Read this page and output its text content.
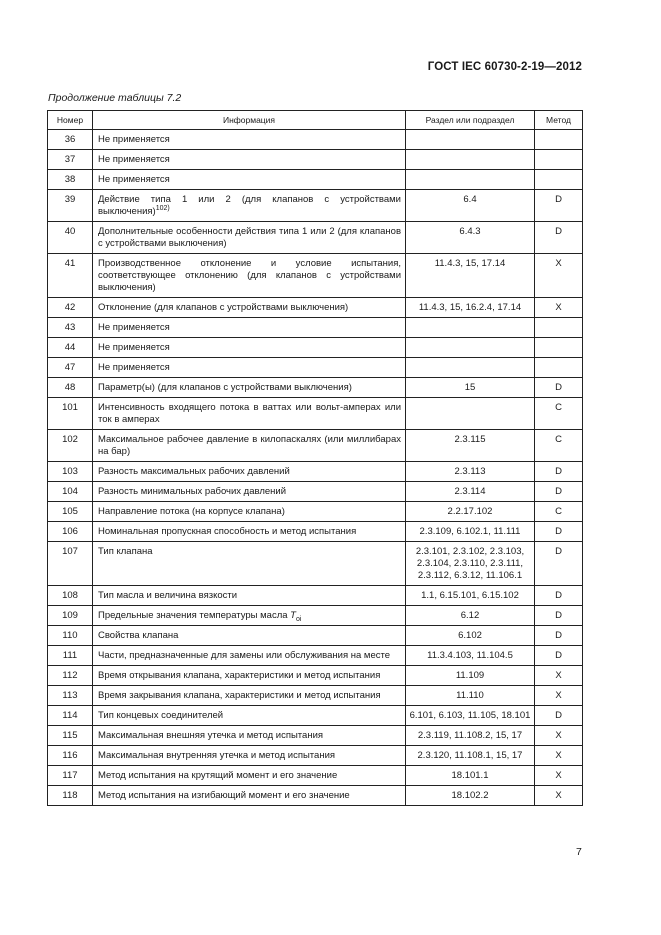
ГОСТ IEC 60730-2-19—2012
Продолжение таблицы 7.2
Номер	Информация	Раздел или подраздел	Метод
36	Не применяется		
37	Не применяется		
38	Не применяется		
39	Действие типа 1 или 2 (для клапанов с устройствами выключения)$^{102)}$	6.4	D
40	Дополнительные особенности действия типа 1 или 2 (для клапанов с устройствами выключения)	6.4.3	D
41	Производственное отклонение и условие испытания, соответствующее отклонению (для клапанов с устройствами выключения)	11.4.3, 15, 17.14	X
42	Отклонение (для клапанов с устройствами выключения)	11.4.3, 15, 16.2.4, 17.14	X
43	Не применяется		
44	Не применяется		
47	Не применяется		
48	Параметр(ы) (для клапанов с устройствами выключения)	15	D
101	Интенсивность входящего потока в ваттах или вольт-амперах или ток в амперах		C
102	Максимальное рабочее давление в килопаскалях (или миллибарах на бар)	2.3.115	C
103	Разность максимальных рабочих давлений	2.3.113	D
104	Разность минимальных рабочих давлений	2.3.114	D
105	Направление потока (на корпусе клапана)	2.2.17.102	C
106	Номинальная пропускная способность и метод испытания	2.3.109, 6.102.1, 11.111	D
107	Тип клапана	2.3.101, 2.3.102, 2.3.103, 2.3.104, 2.3.110, 2.3.111, 2.3.112, 6.3.12, 11.106.1	D
108	Тип масла и величина вязкости	1.1, 6.15.101, 6.15.102	D
109	Предельные значения температуры масла $T_{oi}$	6.12	D
110	Свойства клапана	6.102	D
111	Части, предназначенные для замены или обслуживания на месте	11.3.4.103, 11.104.5	D
112	Время открывания клапана, характеристики и метод испытания	11.109	X
113	Время закрывания клапана, характеристики и метод испытания	11.110	X
114	Тип концевых соединителей	6.101, 6.103, 11.105, 18.101	D
115	Максимальная внешняя утечка и метод испытания	2.3.119, 11.108.2, 15, 17	X
116	Максимальная внутренняя утечка и метод испытания	2.3.120, 11.108.1, 15, 17	X
117	Метод испытания на крутящий момент и его значение	18.101.1	X
118	Метод испытания на изгибающий момент и его значение	18.102.2	X
7
